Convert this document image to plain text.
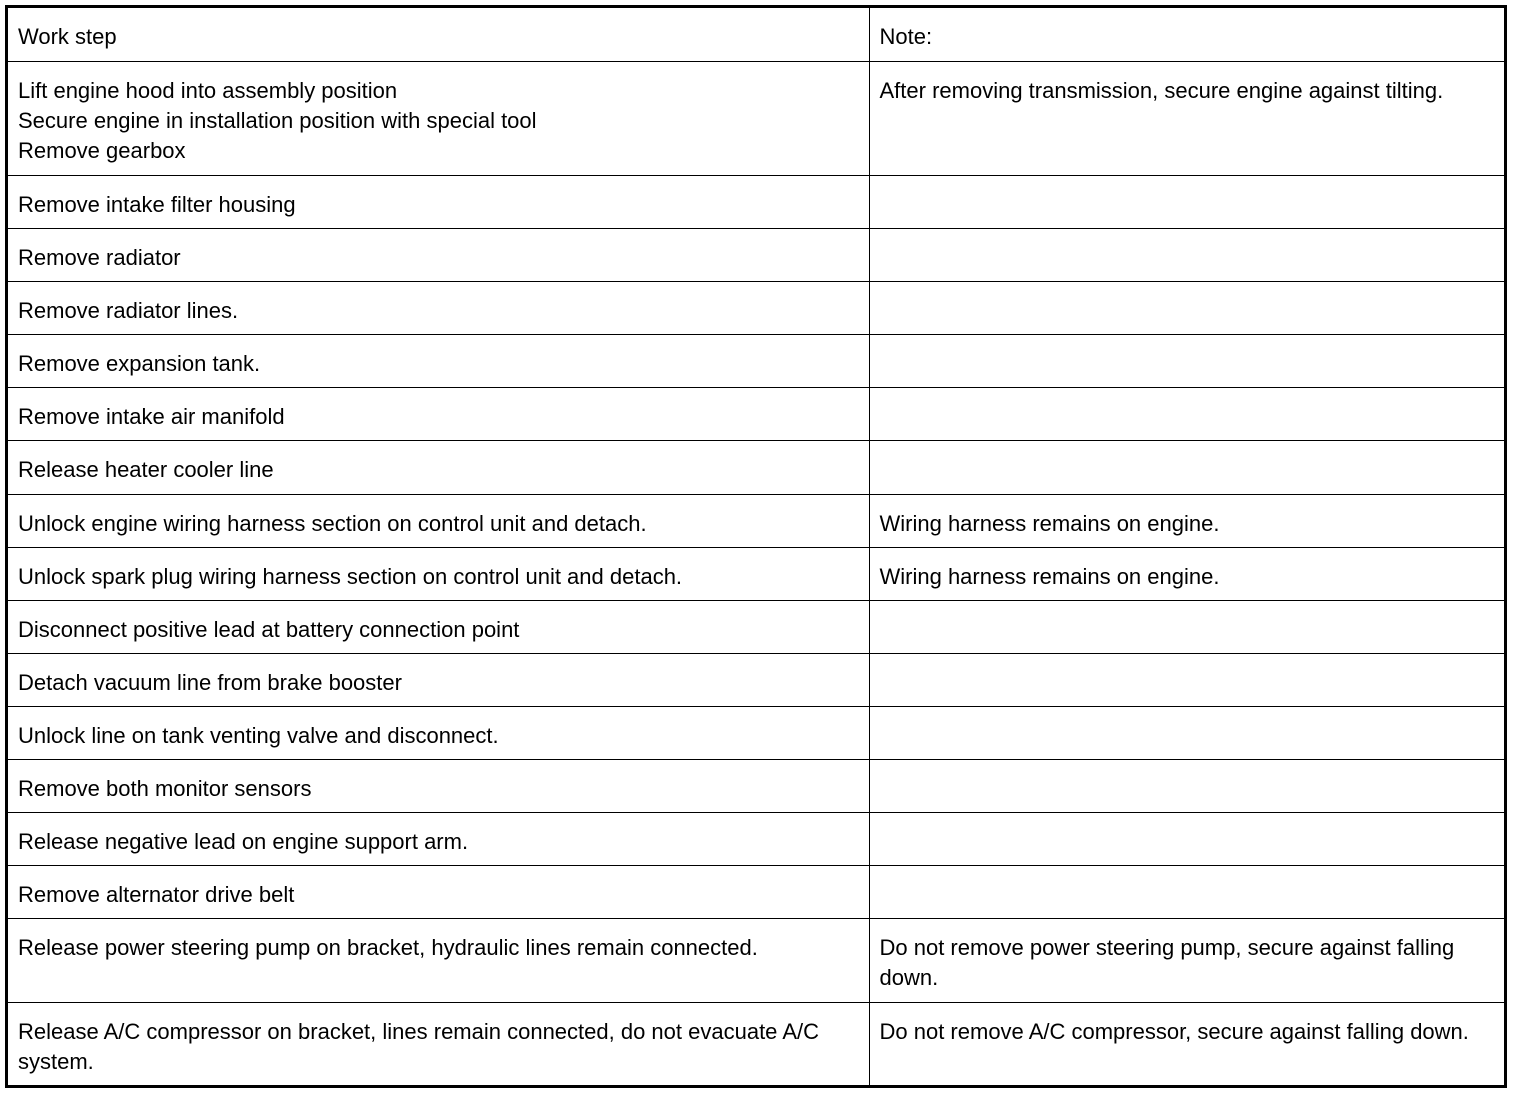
Work step	Note:
Lift engine hood into assembly position
Secure engine in installation position with special tool
Remove gearbox	After removing transmission, secure engine against tilting.
Remove intake filter housing	
Remove radiator	
Remove radiator lines.	
Remove expansion tank.	
Remove intake air manifold	
Release heater cooler line	
Unlock engine wiring harness section on control unit and detach.	Wiring harness remains on engine.
Unlock spark plug wiring harness section on control unit and detach.	Wiring harness remains on engine.
Disconnect positive lead at battery connection point	
Detach vacuum line from brake booster	
Unlock line on tank venting valve and disconnect.	
Remove both monitor sensors	
Release negative lead on engine support arm.	
Remove alternator drive belt	
Release power steering pump on bracket, hydraulic lines remain connected.	Do not remove power steering pump, secure against falling down.
Release A/C compressor on bracket, lines remain connected, do not evacuate A/C system.	Do not remove A/C compressor, secure against falling down.
